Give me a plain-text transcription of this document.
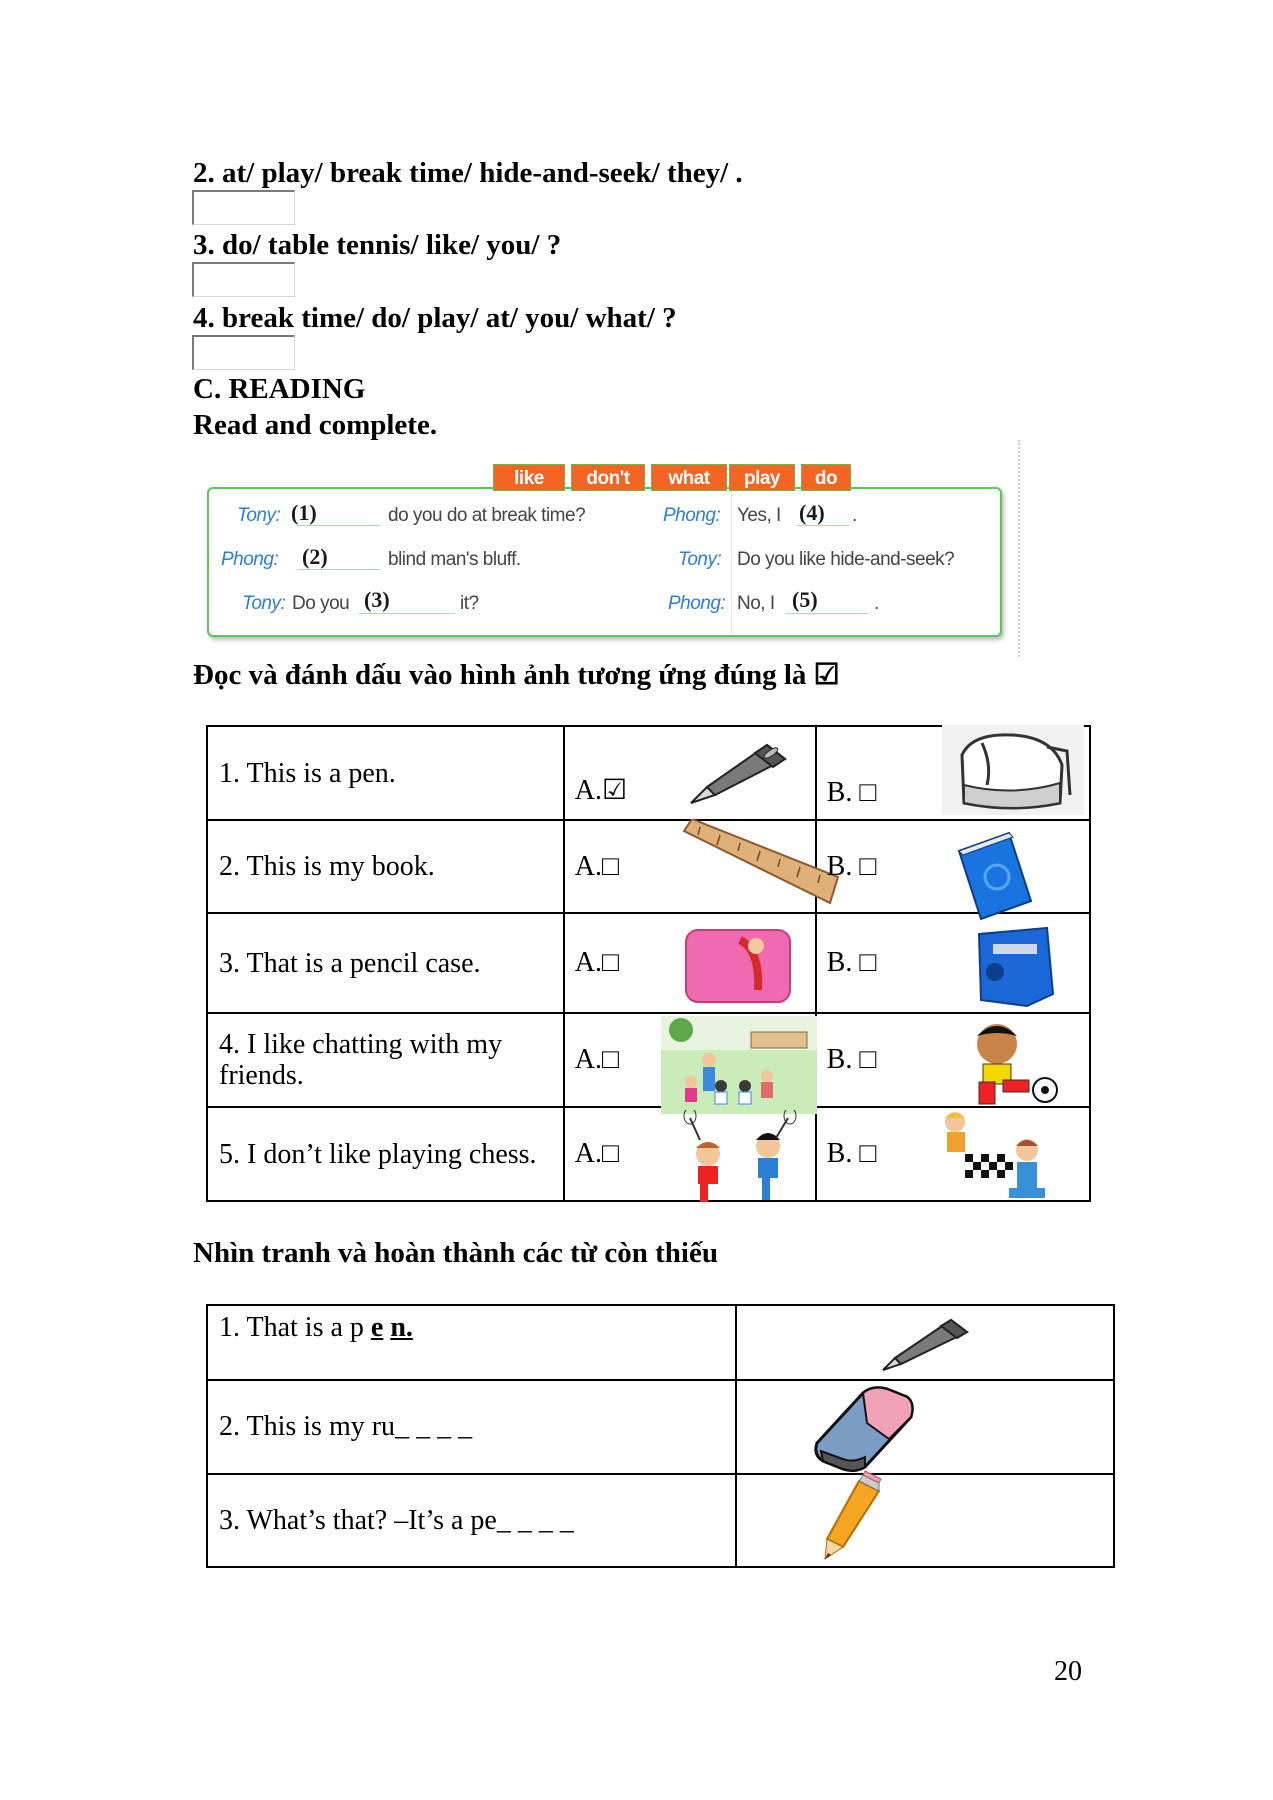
2. at/ play/ break time/ hide-and-seek/ they/ .
3. do/ table tennis/ like/ you/ ?
4. break time/ do/ play/ at/ you/ what/ ?
C. READING
Read and complete.
like	don't	what	play	do
Tony: (1)	do you do at break time?
Phong: (2)	blind man's bluff.
Tony: Do you (3)	it?
Phong: Yes, I (4) .
Tony: Do you like hide-and-seek?
Phong: No, I (5)	.
Đọc và đánh dấu vào hình ảnh tương ứng đúng là ☑
1. This is a pen.	A.☑	B. □

2. This is my book.	A.□	B. □

3. That is a pencil case.	A.□	B. □

4. I like chatting with my friends.	A.□	B. □

5. I don’t like playing chess.	A.□	B. □
Nhìn tranh và hoàn thành các từ còn thiếu
1. That is a p e n.	

2. This is my ru_ _ _ _	

3. What’s that? –It’s a pe_ _ _ _	
20
